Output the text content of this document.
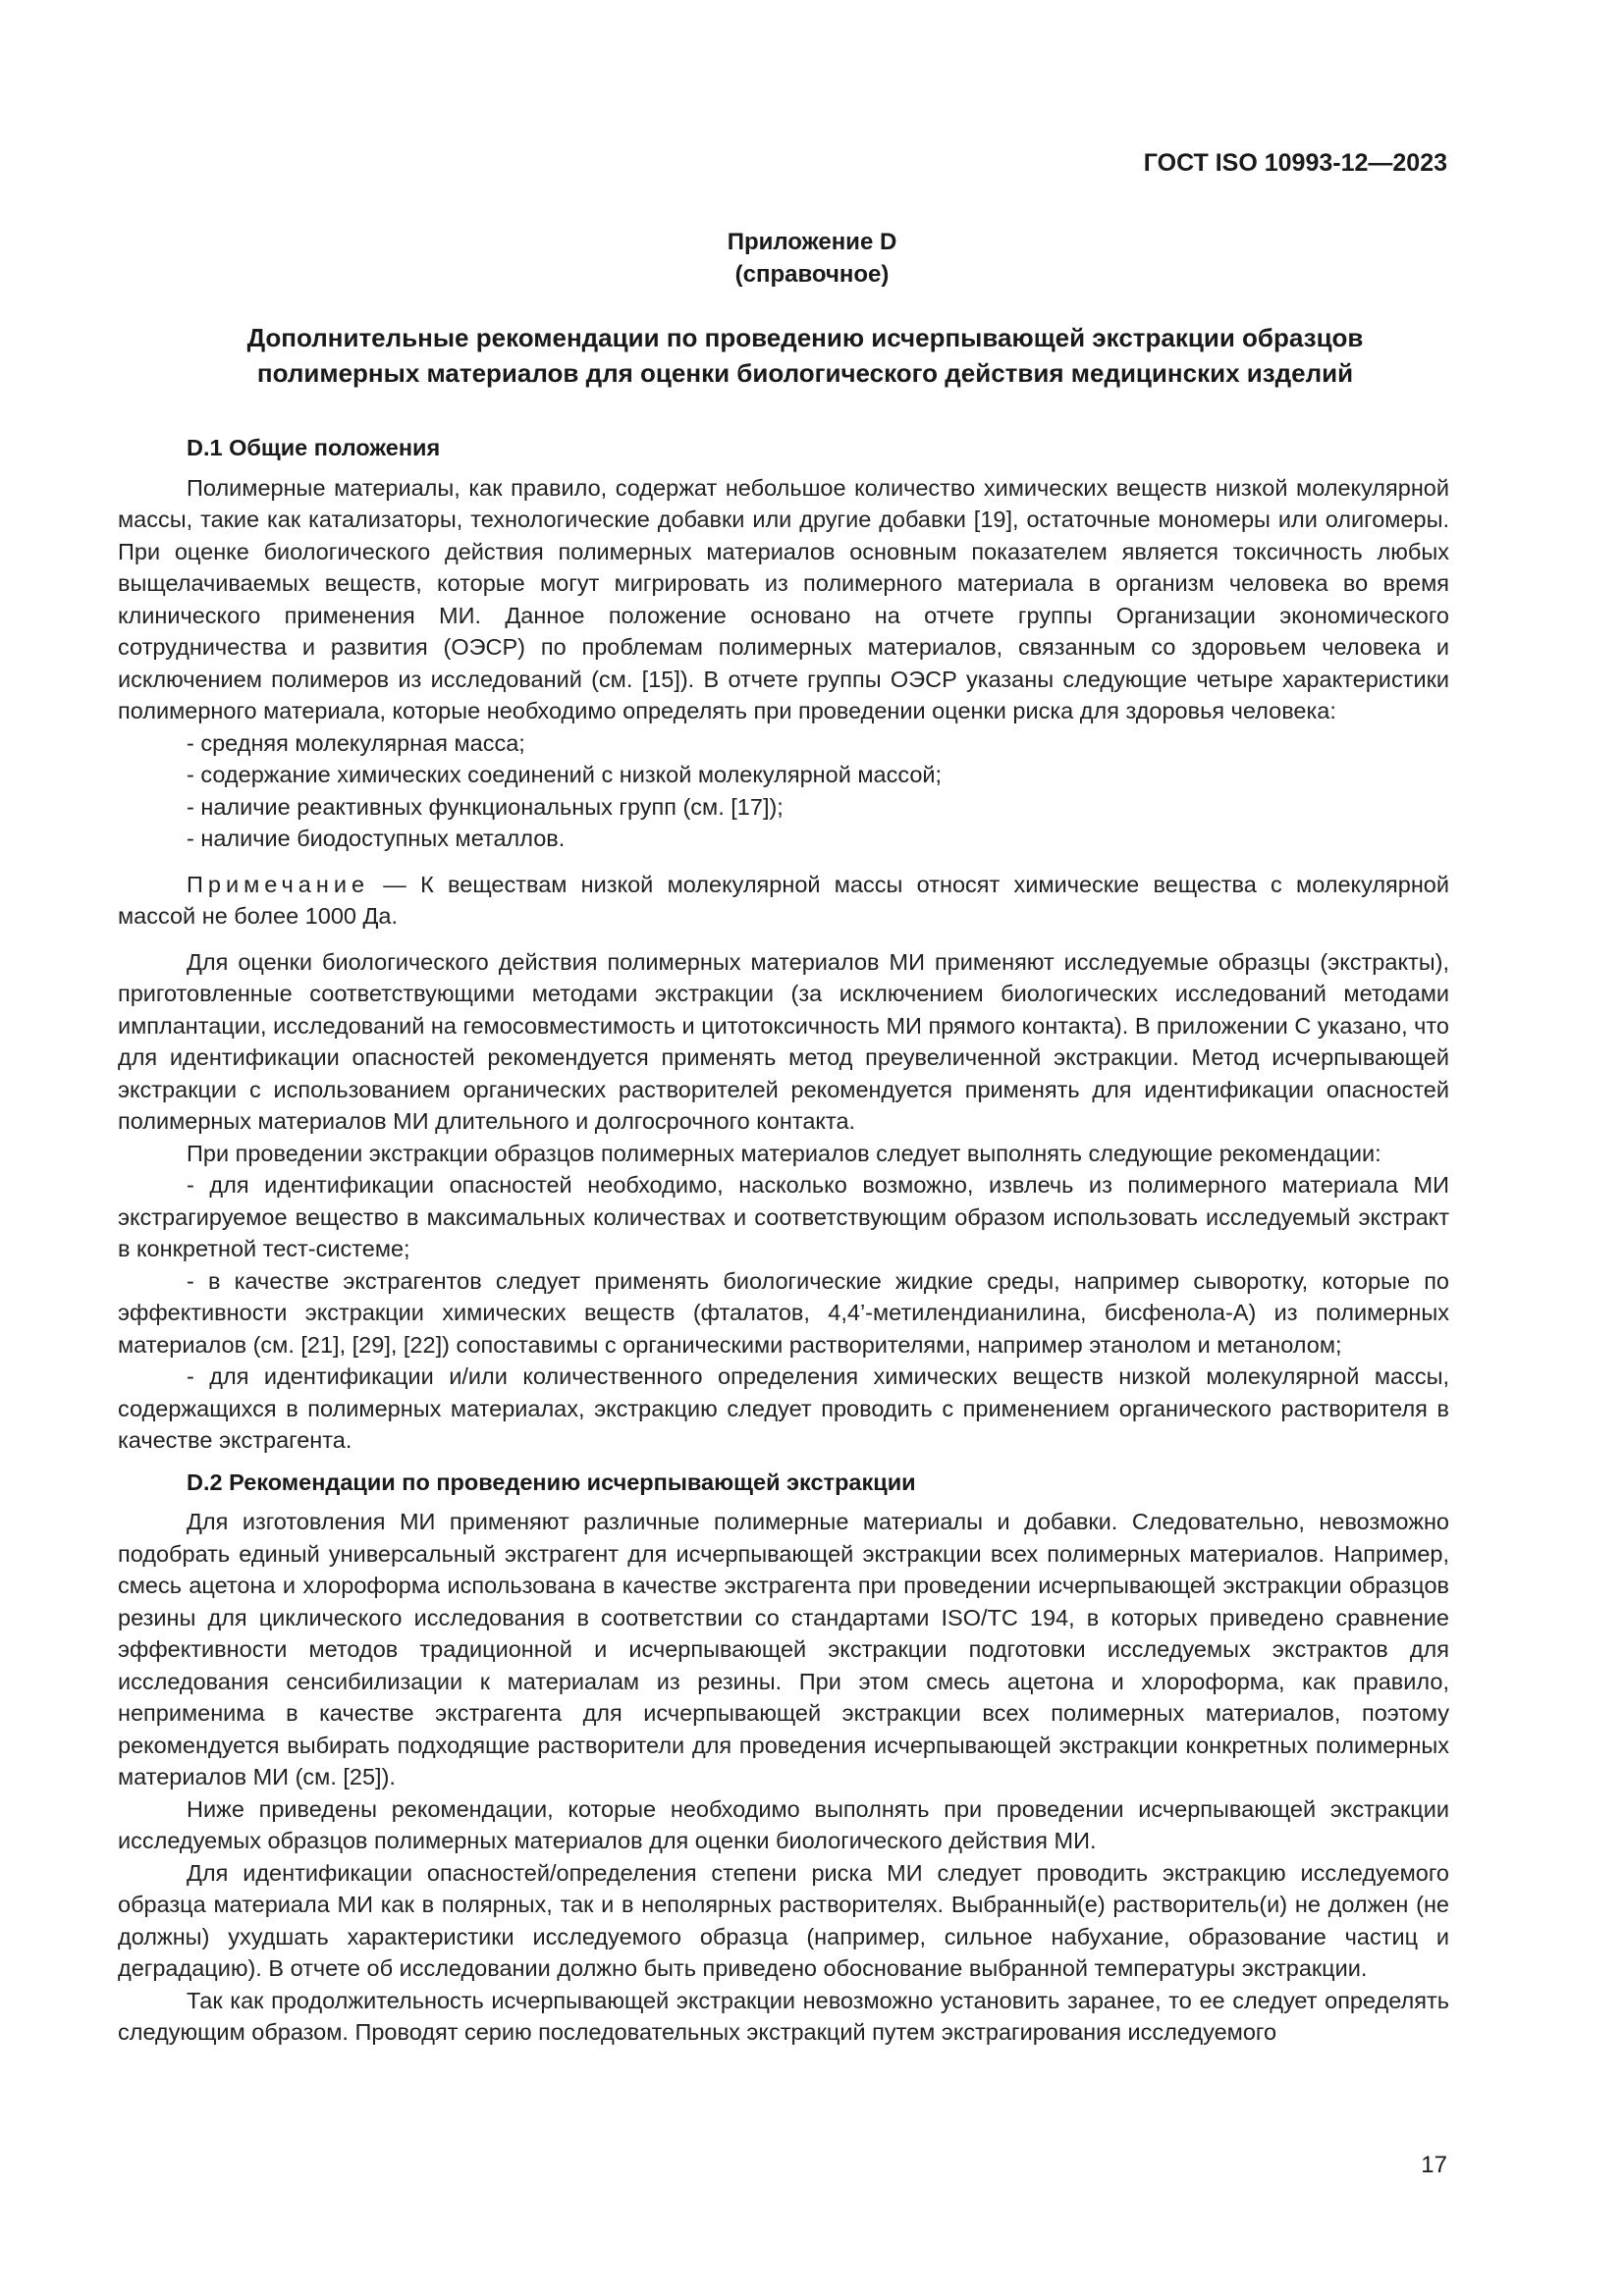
ГОСТ ISO 10993-12—2023
Приложение D
(справочное)
Дополнительные рекомендации по проведению исчерпывающей экстракции образцов
полимерных материалов для оценки биологического действия медицинских изделий
D.1 Общие положения

Полимерные материалы, как правило, содержат небольшое количество химических веществ низкой молекулярной массы, такие как катализаторы, технологические добавки или другие добавки [19], остаточные мономеры или олигомеры. При оценке биологического действия полимерных материалов основным показателем является токсичность любых выщелачиваемых веществ, которые могут мигрировать из полимерного материала в организм человека во время клинического применения МИ. Данное положение основано на отчете группы Организации экономического сотрудничества и развития (ОЭСР) по проблемам полимерных материалов, связанным со здоровьем человека и исключением полимеров из исследований (см. [15]). В отчете группы ОЭСР указаны следующие четыре характеристики полимерного материала, которые необходимо определять при проведении оценки риска для здоровья человека:

- средняя молекулярная масса;
- содержание химических соединений с низкой молекулярной массой;
- наличие реактивных функциональных групп (см. [17]);
- наличие биодоступных металлов.

Примечание — К веществам низкой молекулярной массы относят химические вещества с молекулярной массой не более 1000 Да.

Для оценки биологического действия полимерных материалов МИ применяют исследуемые образцы (экстракты), приготовленные соответствующими методами экстракции (за исключением биологических исследований методами имплантации, исследований на гемосовместимость и цитотоксичность МИ прямого контакта). В приложении С указано, что для идентификации опасностей рекомендуется применять метод преувеличенной экстракции. Метод исчерпывающей экстракции с использованием органических растворителей рекомендуется применять для идентификации опасностей полимерных материалов МИ длительного и долгосрочного контакта.

При проведении экстракции образцов полимерных материалов следует выполнять следующие рекомендации:

- для идентификации опасностей необходимо, насколько возможно, извлечь из полимерного материала МИ экстрагируемое вещество в максимальных количествах и соответствующим образом использовать исследуемый экстракт в конкретной тест-системе;

- в качестве экстрагентов следует применять биологические жидкие среды, например сыворотку, которые по эффективности экстракции химических веществ (фталатов, 4,4’-метилендианилина, бисфенола-А) из полимерных материалов (см. [21], [29], [22]) сопоставимы с органическими растворителями, например этанолом и метанолом;

- для идентификации и/или количественного определения химических веществ низкой молекулярной массы, содержащихся в полимерных материалах, экстракцию следует проводить с применением органического растворителя в качестве экстрагента.

D.2 Рекомендации по проведению исчерпывающей экстракции

Для изготовления МИ применяют различные полимерные материалы и добавки. Следовательно, невозможно подобрать единый универсальный экстрагент для исчерпывающей экстракции всех полимерных материалов. Например, смесь ацетона и хлороформа использована в качестве экстрагента при проведении исчерпывающей экстракции образцов резины для циклического исследования в соответствии со стандартами ISO/TC 194, в которых приведено сравнение эффективности методов традиционной и исчерпывающей экстракции подготовки исследуемых экстрактов для исследования сенсибилизации к материалам из резины. При этом смесь ацетона и хлороформа, как правило, неприменима в качестве экстрагента для исчерпывающей экстракции всех полимерных материалов, поэтому рекомендуется выбирать подходящие растворители для проведения исчерпывающей экстракции конкретных полимерных материалов МИ (см. [25]).

Ниже приведены рекомендации, которые необходимо выполнять при проведении исчерпывающей экстракции исследуемых образцов полимерных материалов для оценки биологического действия МИ.

Для идентификации опасностей/определения степени риска МИ следует проводить экстракцию исследуемого образца материала МИ как в полярных, так и в неполярных растворителях. Выбранный(е) растворитель(и) не должен (не должны) ухудшать характеристики исследуемого образца (например, сильное набухание, образование частиц и деградацию). В отчете об исследовании должно быть приведено обоснование выбранной температуры экстракции.

Так как продолжительность исчерпывающей экстракции невозможно установить заранее, то ее следует определять следующим образом. Проводят серию последовательных экстракций путем экстрагирования исследуемого

17
